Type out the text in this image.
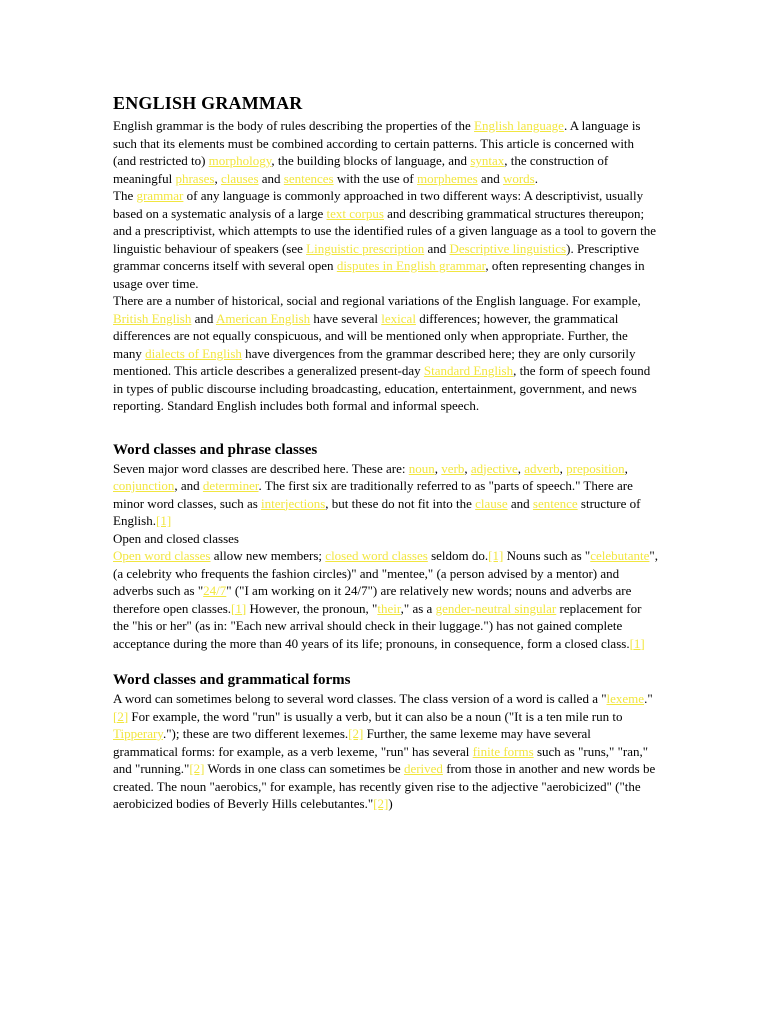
ENGLISH GRAMMAR

English grammar is the body of rules describing the properties of the English language. A language is such that its elements must be combined according to certain patterns. This article is concerned with (and restricted to) morphology, the building blocks of language, and syntax, the construction of meaningful phrases, clauses and sentences with the use of morphemes and words.

The grammar of any language is commonly approached in two different ways: A descriptivist, usually based on a systematic analysis of a large text corpus and describing grammatical structures thereupon; and a prescriptivist, which attempts to use the identified rules of a given language as a tool to govern the linguistic behaviour of speakers (see Linguistic prescription and Descriptive linguistics). Prescriptive grammar concerns itself with several open disputes in English grammar, often representing changes in usage over time.

There are a number of historical, social and regional variations of the English language. For example, British English and American English have several lexical differences; however, the grammatical differences are not equally conspicuous, and will be mentioned only when appropriate. Further, the many dialects of English have divergences from the grammar described here; they are only cursorily mentioned. This article describes a generalized present-day Standard English, the form of speech found in types of public discourse including broadcasting, education, entertainment, government, and news reporting. Standard English includes both formal and informal speech.

Word classes and phrase classes

Seven major word classes are described here. These are: noun, verb, adjective, adverb, preposition, conjunction, and determiner. The first six are traditionally referred to as "parts of speech." There are minor word classes, such as interjections, but these do not fit into the clause and sentence structure of English.[1]

Open and closed classes

Open word classes allow new members; closed word classes seldom do.[1] Nouns such as "celebutante", (a celebrity who frequents the fashion circles)" and "mentee," (a person advised by a mentor) and adverbs such as "24/7" ("I am working on it 24/7") are relatively new words; nouns and adverbs are therefore open classes.[1] However, the pronoun, "their," as a gender-neutral singular replacement for the "his or her" (as in: "Each new arrival should check in their luggage.") has not gained complete acceptance during the more than 40 years of its life; pronouns, in consequence, form a closed class.[1]

Word classes and grammatical forms

A word can sometimes belong to several word classes. The class version of a word is called a "lexeme."[2] For example, the word "run" is usually a verb, but it can also be a noun ("It is a ten mile run to Tipperary."); these are two different lexemes.[2] Further, the same lexeme may have several grammatical forms: for example, as a verb lexeme, "run" has several finite forms such as "runs," "ran," and "running."[2] Words in one class can sometimes be derived from those in another and new words be created. The noun "aerobics," for example, has recently given rise to the adjective "aerobicized" ("the aerobicized bodies of Beverly Hills celebutantes."[2])
